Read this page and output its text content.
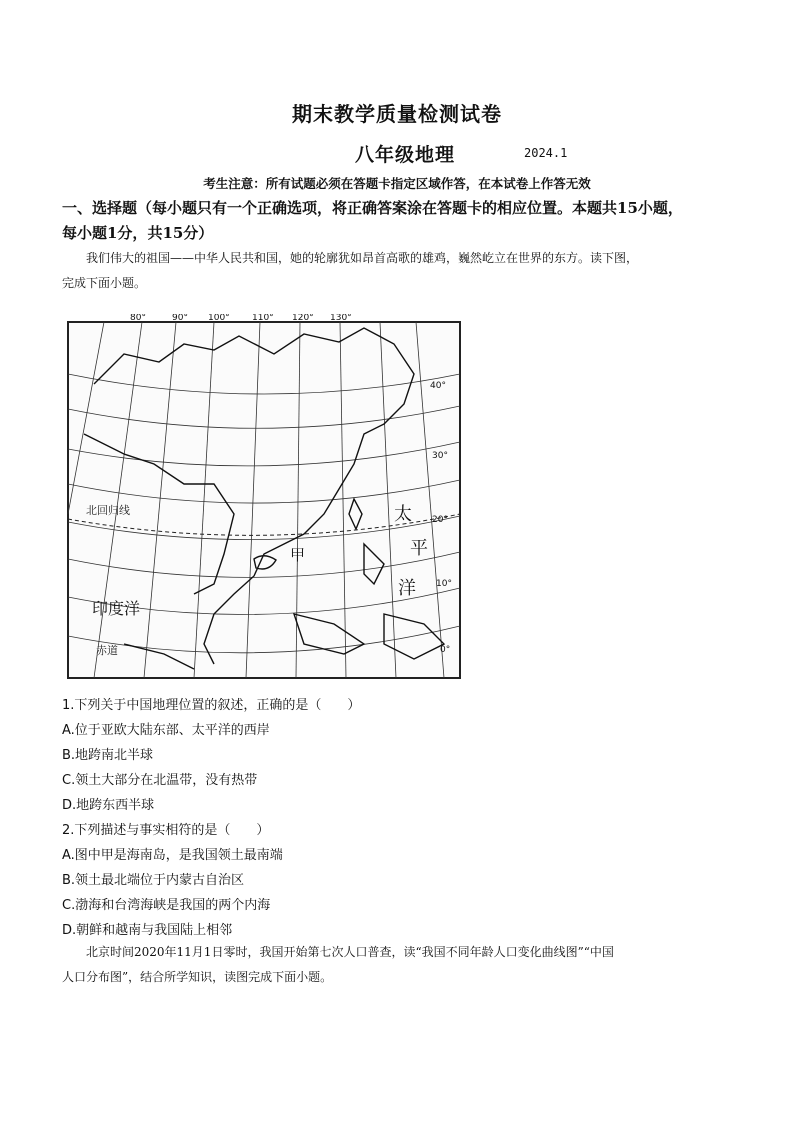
期末教学质量检测试卷
八年级地理	2024.1
考生注意：所有试题必须在答题卡指定区域作答，在本试卷上作答无效
一、选择题（每小题只有一个正确选项，将正确答案涂在答题卡的相应位置。本题共15小题，
每小题1分，共15分）
我们伟大的祖国——中华人民共和国，她的轮廓犹如昂首高歌的雄鸡，巍然屹立在世界的东方。读下图，
完成下面小题。
80°	90° 100° 110° 120° 130°
40°
30°
20°
10°
0°
北回归线	太
平
洋
印度洋
赤道
甲
1.下列关于中国地理位置的叙述，正确的是（　　）
A.位于亚欧大陆东部、太平洋的西岸
B.地跨南北半球
C.领土大部分在北温带，没有热带
D.地跨东西半球
2.下列描述与事实相符的是（　　）
A.图中甲是海南岛，是我国领土最南端
B.领土最北端位于内蒙古自治区
C.渤海和台湾海峡是我国的两个内海
D.朝鲜和越南与我国陆上相邻
北京时间2020年11月1日零时，我国开始第七次人口普查，读“我国不同年龄人口变化曲线图”“中国
人口分布图”，结合所学知识，读图完成下面小题。
